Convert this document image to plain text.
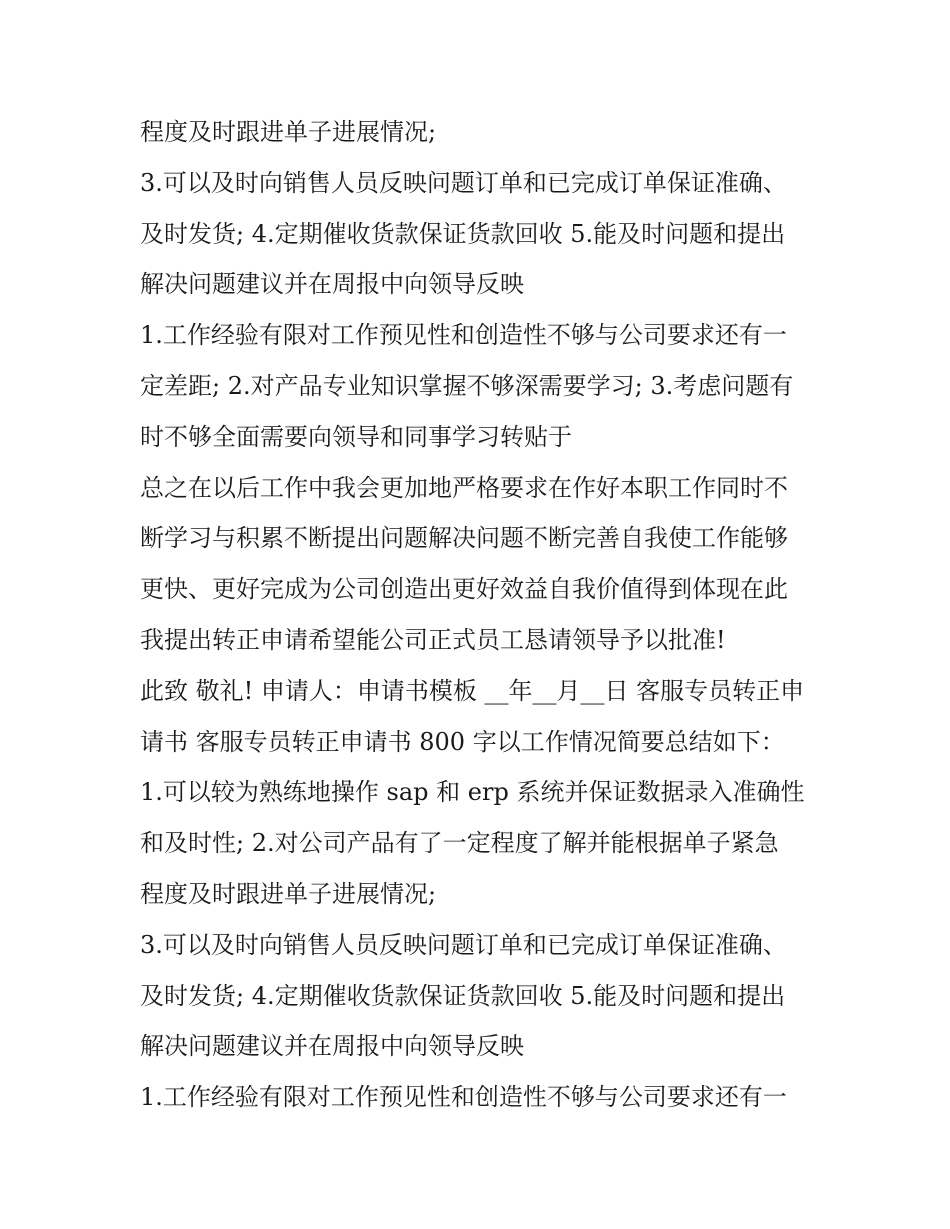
程度及时跟进单子进展情况;

3.可以及时向销售人员反映问题订单和已完成订单保证准确、

及时发货; 4.定期催收货款保证货款回收 5.能及时问题和提出

解决问题建议并在周报中向领导反映

1.工作经验有限对工作预见性和创造性不够与公司要求还有一

定差距; 2.对产品专业知识掌握不够深需要学习; 3.考虑问题有

时不够全面需要向领导和同事学习转贴于

总之在以后工作中我会更加地严格要求在作好本职工作同时不

断学习与积累不断提出问题解决问题不断完善自我使工作能够

更快、更好完成为公司创造出更好效益自我价值得到体现在此

我提出转正申请希望能公司正式员工恳请领导予以批准!

此致 敬礼! 申请人：申请书模板 __年__月__日 客服专员转正申

请书 客服专员转正申请书 800 字以工作情况简要总结如下：

1.可以较为熟练地操作 sap 和 erp 系统并保证数据录入准确性

和及时性; 2.对公司产品有了一定程度了解并能根据单子紧急

程度及时跟进单子进展情况;

3.可以及时向销售人员反映问题订单和已完成订单保证准确、

及时发货; 4.定期催收货款保证货款回收 5.能及时问题和提出

解决问题建议并在周报中向领导反映

1.工作经验有限对工作预见性和创造性不够与公司要求还有一
